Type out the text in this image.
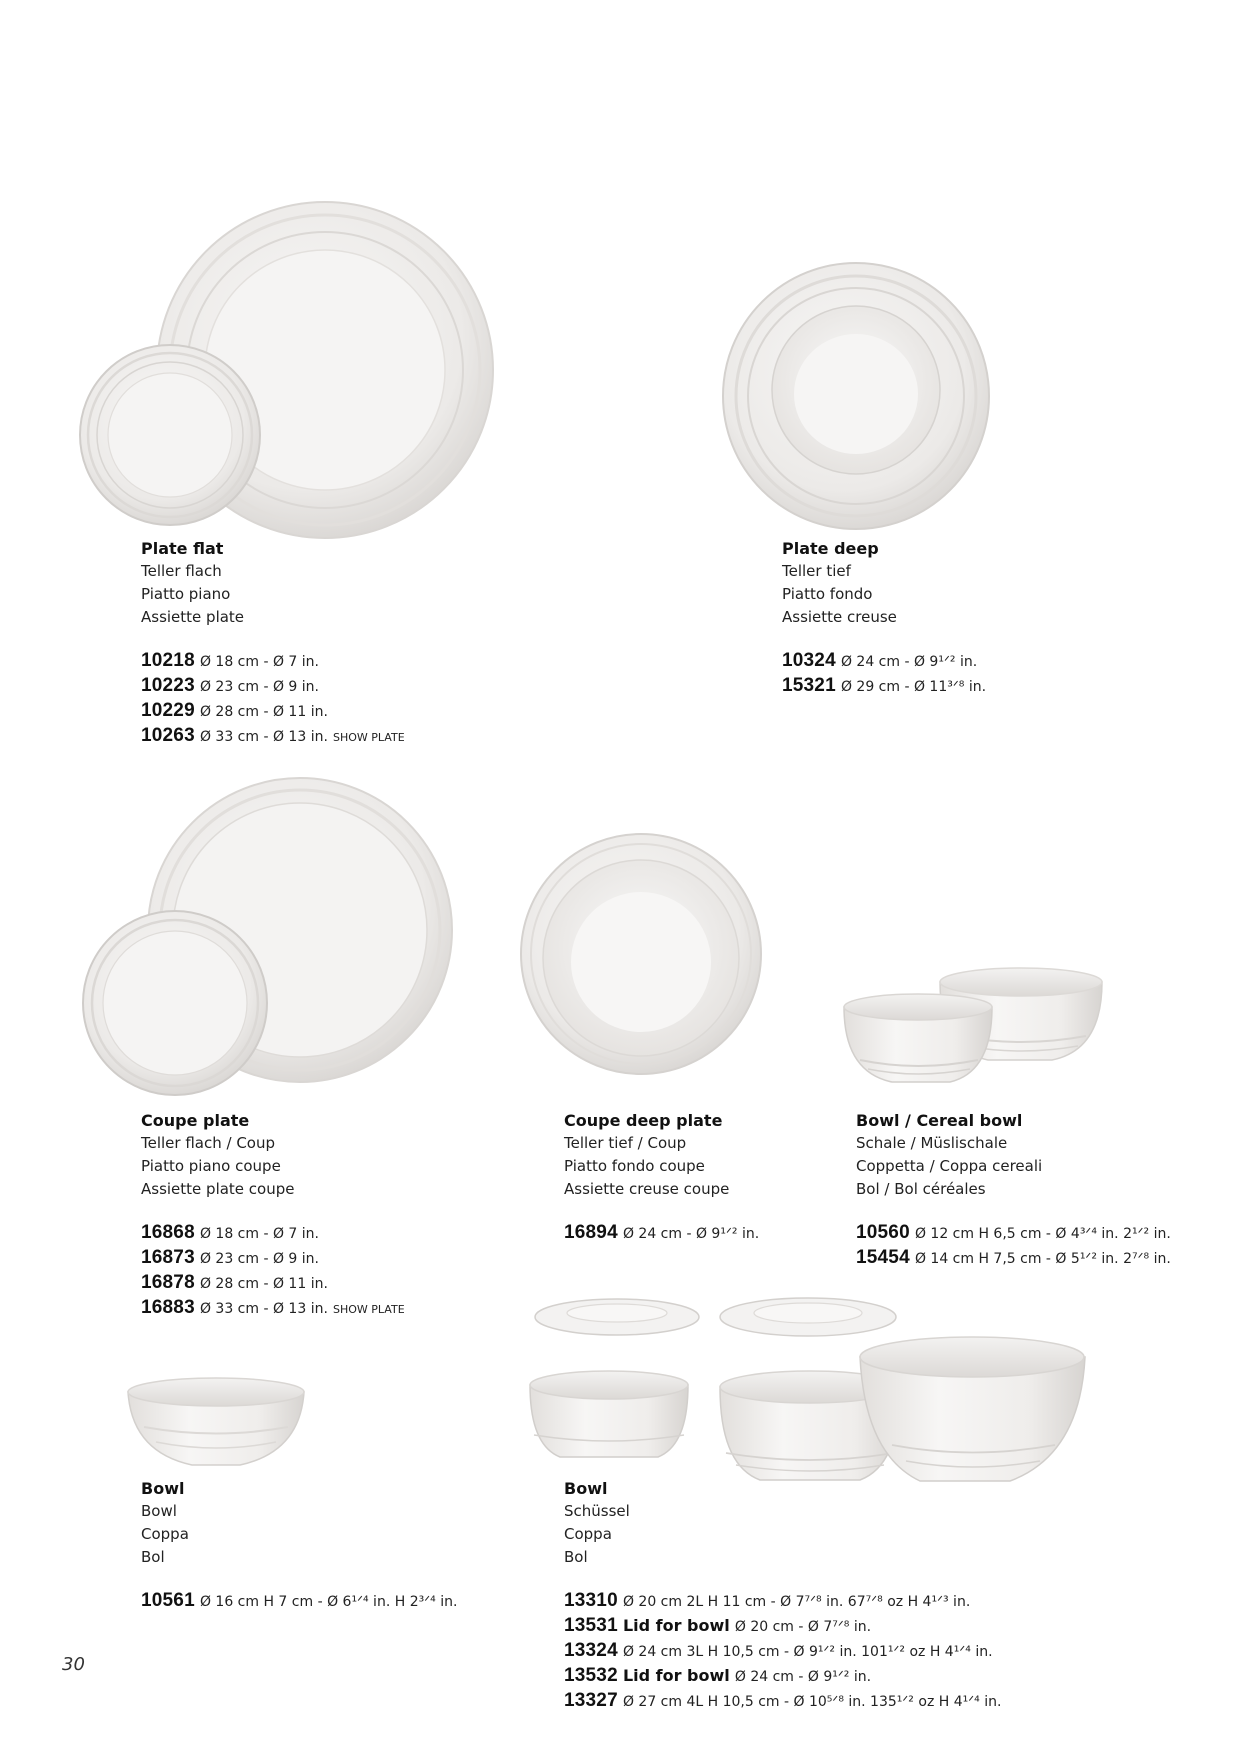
Plate flat
Teller flach
Piatto piano
Assiette plate
10218 Ø 18 cm - Ø 7 in.
10223 Ø 23 cm - Ø 9 in.
10229 Ø 28 cm - Ø 11 in.
10263 Ø 33 cm - Ø 13 in. SHOW PLATE
Plate deep
Teller tief
Piatto fondo
Assiette creuse
10324 Ø 24 cm - Ø 9¹ᐟ² in.
15321 Ø 29 cm - Ø 11³ᐟ⁸ in.
Coupe plate
Teller flach / Coup
Piatto piano coupe
Assiette plate coupe
16868 Ø 18 cm - Ø 7 in.
16873 Ø 23 cm - Ø 9 in.
16878 Ø 28 cm - Ø 11 in.
16883 Ø 33 cm - Ø 13 in. SHOW PLATE
Coupe deep plate
Teller tief / Coup
Piatto fondo coupe
Assiette creuse coupe
16894 Ø 24 cm - Ø 9¹ᐟ² in.
Bowl / Cereal bowl
Schale / Müslischale
Coppetta / Coppa cereali
Bol / Bol céréales
10560 Ø 12 cm H 6,5 cm - Ø 4³ᐟ⁴ in. 2¹ᐟ² in.
15454 Ø 14 cm H 7,5 cm - Ø 5¹ᐟ² in. 2⁷ᐟ⁸ in.
Bowl
Bowl
Coppa
Bol
10561 Ø 16 cm H 7 cm - Ø 6¹ᐟ⁴ in. H 2³ᐟ⁴ in.
Bowl
Schüssel
Coppa
Bol
13310 Ø 20 cm 2L H 11 cm - Ø 7⁷ᐟ⁸ in. 67⁷ᐟ⁸ oz H 4¹ᐟ³ in.
13531 Lid for bowl Ø 20 cm - Ø 7⁷ᐟ⁸ in.
13324 Ø 24 cm 3L H 10,5 cm - Ø 9¹ᐟ² in. 101¹ᐟ² oz H 4¹ᐟ⁴ in.
13532 Lid for bowl Ø 24 cm - Ø 9¹ᐟ² in.
13327 Ø 27 cm 4L H 10,5 cm - Ø 10⁵ᐟ⁸ in. 135¹ᐟ² oz H 4¹ᐟ⁴ in.
30
